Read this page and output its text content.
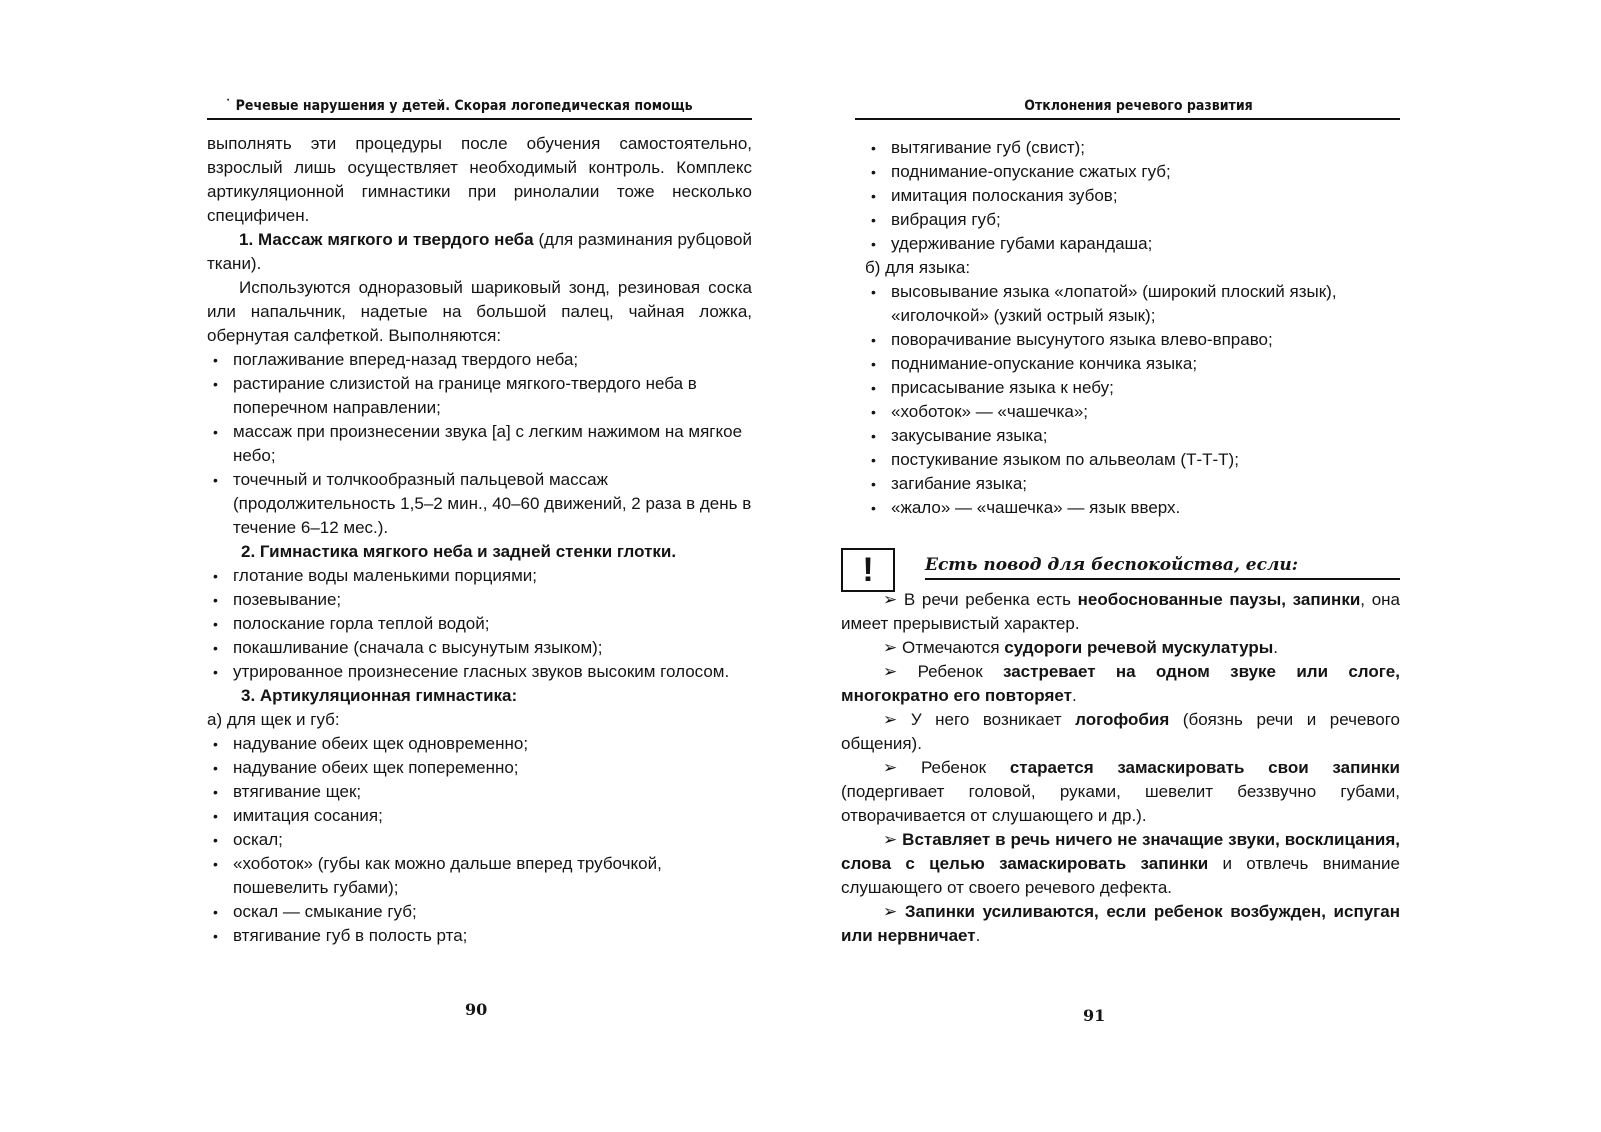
˙ Речевые нарушения у детей. Скорая логопедическая помощь

выполнять эти процедуры после обучения самостоятельно, взрослый лишь осуществляет необходимый контроль. Комплекс артикуляционной гимнастики при ринолалии тоже несколько специфичен.

1. Массаж мягкого и твердого неба (для разминания рубцовой ткани).

Используются одноразовый шариковый зонд, резиновая соска или напальчник, надетые на большой палец, чайная ложка, обернутая салфеткой. Выполняются:

• поглаживание вперед-назад твердого неба;
• растирание слизистой на границе мягкого-твердого неба в поперечном направлении;
• массаж при произнесении звука [а] с легким нажимом на мягкое небо;
• точечный и толчкообразный пальцевой массаж (продолжительность 1,5–2 мин., 40–60 движений, 2 раза в день в течение 6–12 мес.).

2. Гимнастика мягкого неба и задней стенки глотки.

• глотание воды маленькими порциями;
• позевывание;
• полоскание горла теплой водой;
• покашливание (сначала с высунутым языком);
• утрированное произнесение гласных звуков высоким голосом.

3. Артикуляционная гимнастика:

а) для щек и губ:

• надувание обеих щек одновременно;
• надувание обеих щек попеременно;
• втягивание щек;
• имитация сосания;
• оскал;
• «хоботок» (губы как можно дальше вперед трубочкой, пошевелить губами);
• оскал — смыкание губ;
• втягивание губ в полость рта;
90
Отклонения речевого развития
• вытягивание губ (свист);
• поднимание-опускание сжатых губ;
• имитация полоскания зубов;
• вибрация губ;
• удерживание губами карандаша;

б) для языка:

• высовывание языка «лопатой» (широкий плоский язык), «иголочкой» (узкий острый язык);
• поворачивание высунутого языка влево-вправо;
• поднимание-опускание кончика языка;
• присасывание языка к небу;
• «хоботок» — «чашечка»;
• закусывание языка;
• постукивание языком по альвеолам (Т-Т-Т);
• загибание языка;
• «жало» — «чашечка» — язык вверх.
!	Есть повод для беспокойства, если:

➢ В речи ребенка есть необоснованные паузы, запинки, она имеет прерывистый характер.

➢ Отмечаются судороги речевой мускулатуры.

➢ Ребенок застревает на одном звуке или слоге, многократно его повторяет.

➢ У него возникает логофобия (боязнь речи и речевого общения).

➢ Ребенок старается замаскировать свои запинки (подергивает головой, руками, шевелит беззвучно губами, отворачивается от слушающего и др.).

➢ Вставляет в речь ничего не значащие звуки, восклицания, слова с целью замаскировать запинки и отвлечь внимание слушающего от своего речевого дефекта.

➢ Запинки усиливаются, если ребенок возбужден, испуган или нервничает.

91
